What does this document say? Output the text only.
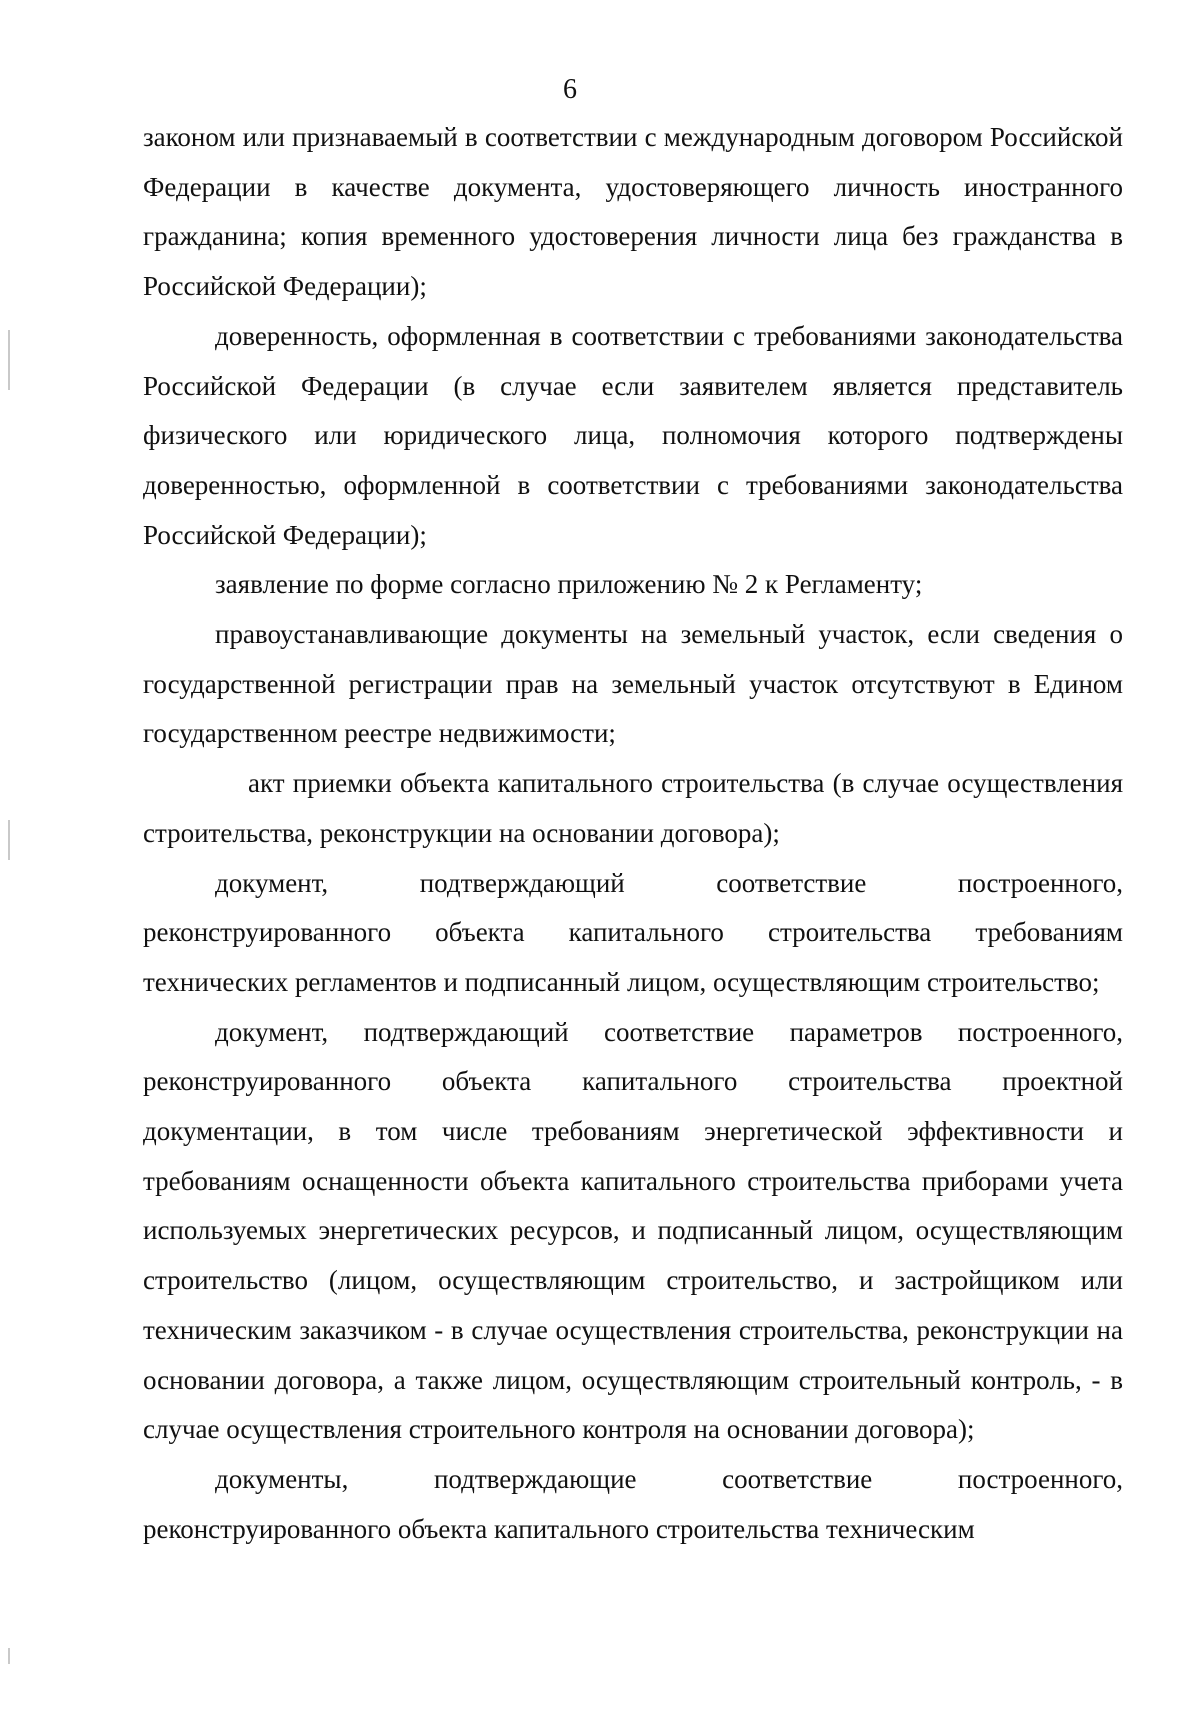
6

законом или признаваемый в соответствии с международным договором Российской Федерации в качестве документа, удостоверяющего личность иностранного гражданина; копия временного удостоверения личности лица без гражданства в Российской Федерации);

доверенность, оформленная в соответствии с требованиями законодательства Российской Федерации (в случае если заявителем является представитель физического или юридического лица, полномочия которого подтверждены доверенностью, оформленной в соответствии с требованиями законодательства Российской Федерации);

заявление по форме согласно приложению № 2 к Регламенту;

правоустанавливающие документы на земельный участок, если сведения о государственной регистрации прав на земельный участок отсутствуют в Едином государственном реестре недвижимости;

акт приемки объекта капитального строительства (в случае осуществления строительства, реконструкции на основании договора);

документ, подтверждающий соответствие построенного, реконструированного объекта капитального строительства требованиям технических регламентов и подписанный лицом, осуществляющим строительство;

документ, подтверждающий соответствие параметров построенного, реконструированного объекта капитального строительства проектной документации, в том числе требованиям энергетической эффективности и требованиям оснащенности объекта капитального строительства приборами учета используемых энергетических ресурсов, и подписанный лицом, осуществляющим строительство (лицом, осуществляющим строительство, и застройщиком или техническим заказчиком - в случае осуществления строительства, реконструкции на основании договора, а также лицом, осуществляющим строительный контроль, - в случае осуществления строительного контроля на основании договора);

документы, подтверждающие соответствие построенного, реконструированного объекта капитального строительства техническим
